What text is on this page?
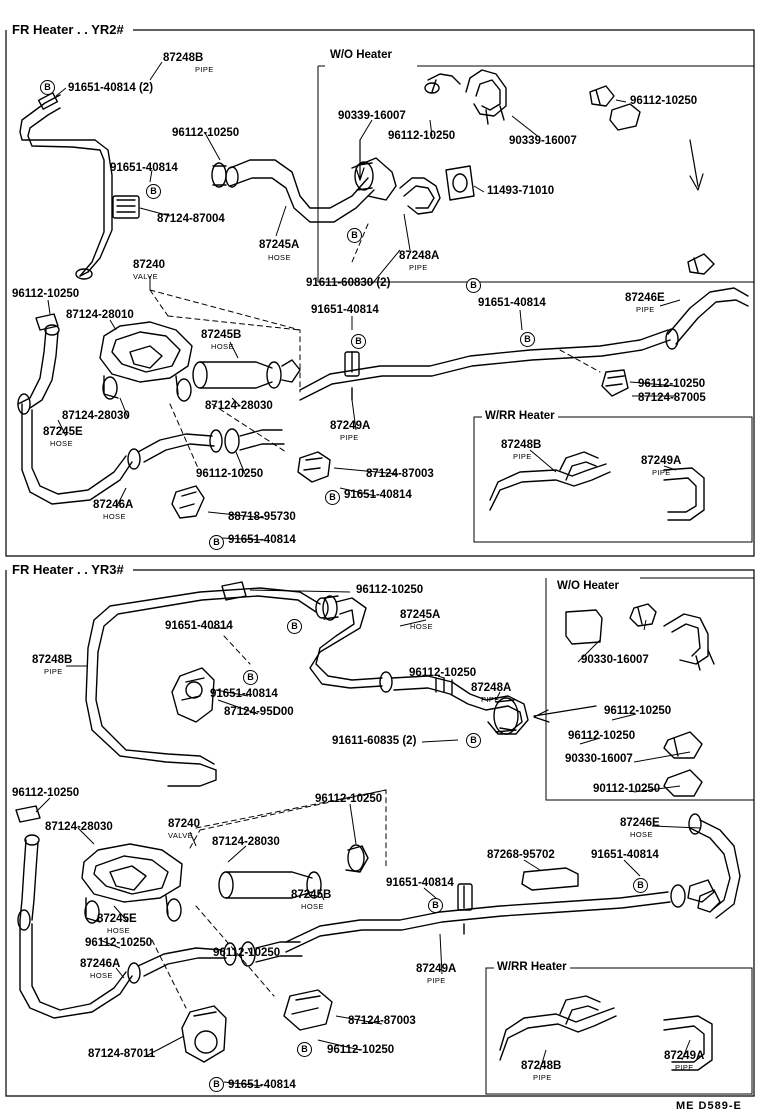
FR Heater . . YR2#
FR Heater . . YR3#
W/O Heater
W/RR Heater
W/O Heater
W/RR Heater
87248B
PIPE
91651-40814 (2)
96112-10250
91651-40814
87124-87004
87245A
HOSE
90339-16007
96112-10250	90339-16007
96112-10250
11493-71010
87248A
PIPE
91611-60830 (2)
91651-40814
91651-40814	87246E
PIPE
96112-10250
87124-87005
96112-10250
87124-28010
87240
VALVE
87245B
HOSE
87124-28030
87124-28030
87245E
HOSE
87249A
PIPE
96112-10250	87124-87003
91651-40814
87246A
HOSE	88718-95730
91651-40814
87248B
PIPE	87249A
PIPE
B
B
B
B	B
B
B
B
96112-10250
91651-40814
87245A
HOSE
96112-10250
87248A
PIPE
87248B
PIPE
91651-40814
87124-95D00
91611-60835 (2)
90330-16007
96112-10250
96112-10250
90330-16007
90112-10250
87246E
HOSE
96112-10250
87124-28030	87240
VALVE
87124-28030
96112-10250
87245B
HOSE
87268-95702	91651-40814
91651-40814
87245E
HOSE
96112-10250
87246A
HOSE
96112-10250
87249A
PIPE
87124-87003
96112-10250
87124-87011
91651-40814
87248B
PIPE
87249A
PIPE
B
B
B
B
B
B
B
ME D589-E
